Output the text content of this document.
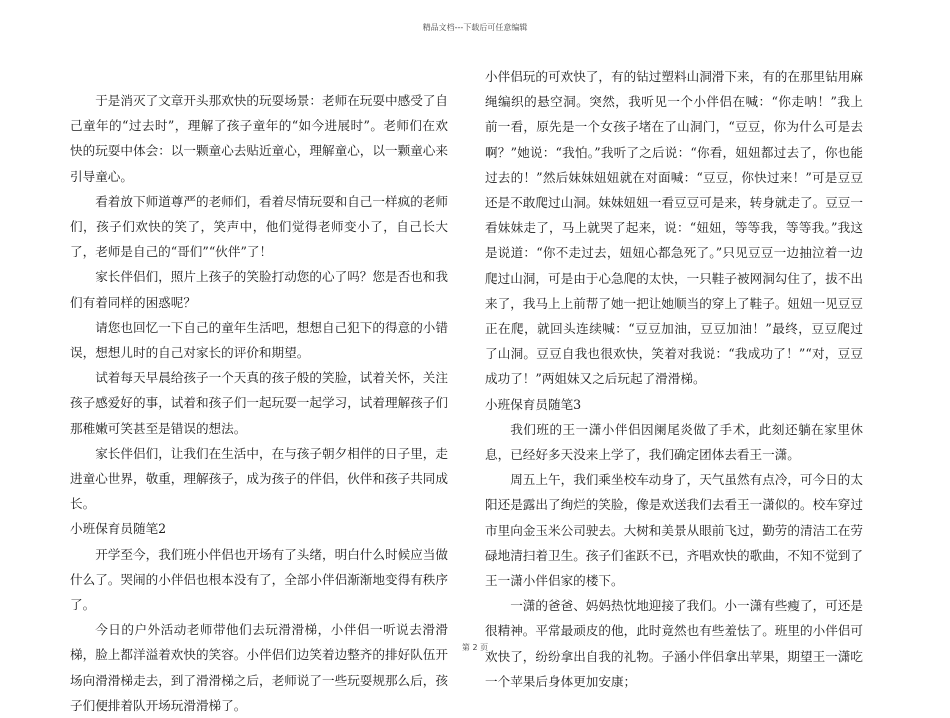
精品文档---下载后可任意编辑

于是消灭了文章开头那欢快的玩耍场景：老师在玩耍中感受了自己童年的“过去时”，理解了孩子童年的“如今进展时”。老师们在欢快的玩耍中体会：以一颗童心去贴近童心，理解童心，以一颗童心来引导童心。

看着放下师道尊严的老师们，看着尽情玩耍和自己一样疯的老师们，孩子们欢快的笑了，笑声中，他们觉得老师变小了，自己长大了，老师是自己的“哥们”“伙伴”了！

家长伴侣们，照片上孩子的笑脸打动您的心了吗？您是否也和我们有着同样的困惑呢？

请您也回忆一下自己的童年生活吧，想想自己犯下的得意的小错误，想想儿时的自己对家长的评价和期望。

试着每天早晨给孩子一个天真的孩子般的笑脸，试着关怀，关注孩子感爱好的事，试着和孩子们一起玩耍一起学习，试着理解孩子们那稚嫩可笑甚至是错误的想法。

家长伴侣们，让我们在生活中，在与孩子朝夕相伴的日子里，走进童心世界，敬重，理解孩子，成为孩子的伴侣，伙伴和孩子共同成长。

小班保育员随笔2

开学至今，我们班小伴侣也开场有了头绪，明白什么时候应当做什么了。哭闹的小伴侣也根本没有了，全部小伴侣渐渐地变得有秩序了。

今日的户外活动老师带他们去玩滑滑梯，小伴侣一听说去滑滑梯，脸上都洋溢着欢快的笑容。小伴侣们边笑着边整齐的排好队伍开场向滑滑梯走去，到了滑滑梯之后，老师说了一些玩耍规那么后，孩子们便排着队开场玩滑滑梯了。

小伴侣玩的可欢快了，有的钻过塑料山洞滑下来，有的在那里钻用麻绳编织的悬空洞。突然，我听见一个小伴侣在喊：“你走呐！”我上前一看，原先是一个女孩子堵在了山洞门，“豆豆，你为什么可是去啊？”她说：“我怕。”我听了之后说：“你看，妞妞都过去了，你也能过去的！”然后妹妹妞妞就在对面喊：“豆豆，你快过来！”可是豆豆还是不敢爬过山洞。妹妹妞妞一看豆豆可是来，转身就走了。豆豆一看妹妹走了，马上就哭了起来，说：“妞妞，等等我，等等我。”我这是说道：“你不走过去，妞妞心都急死了。”只见豆豆一边抽泣着一边爬过山洞，可是由于心急爬的太快，一只鞋子被网洞勾住了，拔不出来了，我马上上前帮了她一把让她顺当的穿上了鞋子。妞妞一见豆豆正在爬，就回头连续喊：“豆豆加油，豆豆加油！”最终，豆豆爬过了山洞。豆豆自我也很欢快，笑着对我说：“我成功了！”“对，豆豆成功了！”两姐妹又之后玩起了滑滑梯。

小班保育员随笔3

我们班的王一潇小伴侣因阑尾炎做了手术，此刻还躺在家里休息，已经好多天没来上学了，我们确定团体去看王一潇。

周五上午，我们乘坐校车动身了，天气虽然有点冷，可今日的太阳还是露出了绚烂的笑脸，像是欢送我们去看王一潇似的。校车穿过市里向金玉米公司驶去。大树和美景从眼前飞过，勤劳的清洁工在劳碌地清扫着卫生。孩子们雀跃不已，齐唱欢快的歌曲，不知不觉到了王一潇小伴侣家的楼下。

一潇的爸爸、妈妈热忱地迎接了我们。小一潇有些瘦了，可还是很精神。平常最顽皮的他，此时竟然也有些羞怯了。班里的小伴侣可欢快了，纷纷拿出自我的礼物。子涵小伴侣拿出苹果，期望王一潇吃一个苹果后身体更加安康；

第 2 页
